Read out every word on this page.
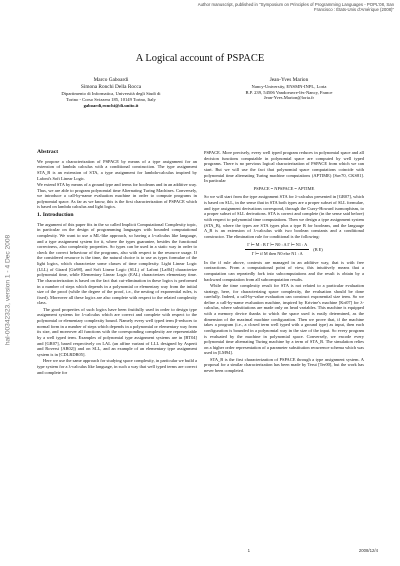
Author manuscript, published in "Symposium on Principles of Programming Languages - POPL'08, San Francisco : États-Unis d'Amérique (2008)"
hal-00342323, version 1 - 4 Dec 2008
A Logical account of PSPACE
Marco Gaboardi
Simona Ronchi Della Rocca
Dipartimento di Informatica, Università degli Studi di
Torino - Corso Svizzera 185, 10149 Torino, Italy
gaboardi,ronchi@di.unito.it
Jean-Yves Marion
Nancy-University, ENSMN-INPL, Loria
B.P. 239, 54506 Vandoeuvre-lès-Nancy, France
Jean-Yves.Marion@loria.fr
Abstract

We propose a characterization of PSPACE by means of a type assignment for an extension of lambda calculus with a conditional construction. The type assignment STA_B is an extension of STA, a type assignment for lambda-calculus inspired by Lafont's Soft Linear Logic.

We extend STA by means of a ground type and terms for booleans and in an additive way. Thus, we are able to program polynomial time Alternating Turing Machines. Conversely, we introduce a call-by-name evaluation machine in order to compute programs in polynomial space. As far as we know, this is the first characterization of PSPACE which is based on lambda calculus and light logics.

1. Introduction

The argument of this paper fits in the so called Implicit Computational Complexity topic, in particular on the design of programming languages with bounded computational complexity. We want to use a ML-like approach, so having a λ-calculus like language, and a type assignment system for it, where the types guarantee, besides the functional correctness, also complexity properties. So types can be used in a static way in order to check the correct behaviour of the programs, also with respect to the resource usage. If the considered resource is the time, the natural choice is to use as types formulae of the light logics, which characterize some classes of time complexity. Light Linear Logic (LLL) of Girard [Gir98], and Soft Linear Logic (SLL) of Lafont [Laf04] characterize polynomial time, while Elementary Linear Logic (EAL) characterizes elementary time. The characterization is based on the fact that cut-elimination in these logics is performed in a number of steps which depends in a polynomial or elementary way from the initial size of the proof (while the degree of the proof, i.e., the nesting of exponential rules, is fixed). Moreover all these logics are also complete with respect to the related complexity class.

The good properties of such logics have been fruitfully used in order to design type assignment systems for λ-calculus which are correct and complete with respect to the polynomial or elementary complexity bound. Namely every well typed term β-reduces to normal form in a number of steps which depends in a polynomial or elementary way from its size, and moreover all functions with the corresponding complexity are representable by a well typed term. Examples of polynomial type assignment systems are in [BT04] and [GR07], based respectively on LAL (an affine variant of LLL designed by Asperti and Roversi [AR02]) and on SLL, and an example of an elementary type assignment system is in [CDLRDR05].

Here we use the same approach for studying space complexity, in particular we build a type system for a λ-calculus like language, in such a way that well typed terms are correct and complete for

PSPACE. More precisely, every well typed program reduces in polynomial space and all decision functions computable in polynomial space are computed by well typed programs. There is no previous logical characterization of PSPACE from which we can start. But we will use the fact that polynomial space computations coincide with polynomial time alternating Turing machine computations (APTIME) [Sav70, CKS81]. In particular

PSPACE = NPSPACE = APTIME

So we will start from the type assignment STA for λ-calculus presented in [GR07], which is based on SLL, in the sense that in STA both types are a proper subset of SLL formulae, and type assignment derivations correspond, through the Curry-Howard isomorphism, to a proper subset of SLL derivations. STA is correct and complete (in the sense said before) with respect to polynomial time computations. Then we design a type assignment system (STA_B), where the types are STA types plus a type B for booleans, and the language Λ_B is an extension of λ-calculus with two boolean constants and a conditional constructor. The elimination rule for conditional is the following:

$\frac{\text{Γ ⊢ M : B Γ ⊢ N0 : A Γ ⊢ N1 : A}}{\text{Γ ⊢ if M then N0 else N1 : A}} (B$ E)

In the if rule above, contexts are managed in an additive way, that is with free contractions. From a computational point of view, this intuitively means that a computation can repeatedly fork into subcomputations and the result is obtain by a backward computation from all subcomputation results.

While the time complexity result for STA is not related to a particular evaluation strategy, here, for characterizing space complexity, the evaluation should be done carefully. Indeed, a call-by-value evaluation can construct exponential size term. So we define a call-by-name evaluation machine, inspired by Krivine's machine [Kri07] for λ-calculus, where substitutions are made only on head variables. This machine is equipped with a memory device thanks to which the space used is easily determined, as the dimension of the maximal machine configuration. Then we prove that, if the machine takes a program (i.e., a closed term well typed with a ground type) as input, then each configuration is bounded in a polynomial way in the size of the input. So every program is evaluated by the machine in polynomial space. Conversely, we encode every polynomial time alternating Turing machine by a term of STA_B. The simulation relies on a higher order representation of a parameter substitution recurrence schema which was used in [LM94].

STA_B is the first characterization of PSPACE through a type assignment system. A proposal for a similar characterization has been made by Terui [Ter00], but the work has never been completed.

1	2008/12/4
